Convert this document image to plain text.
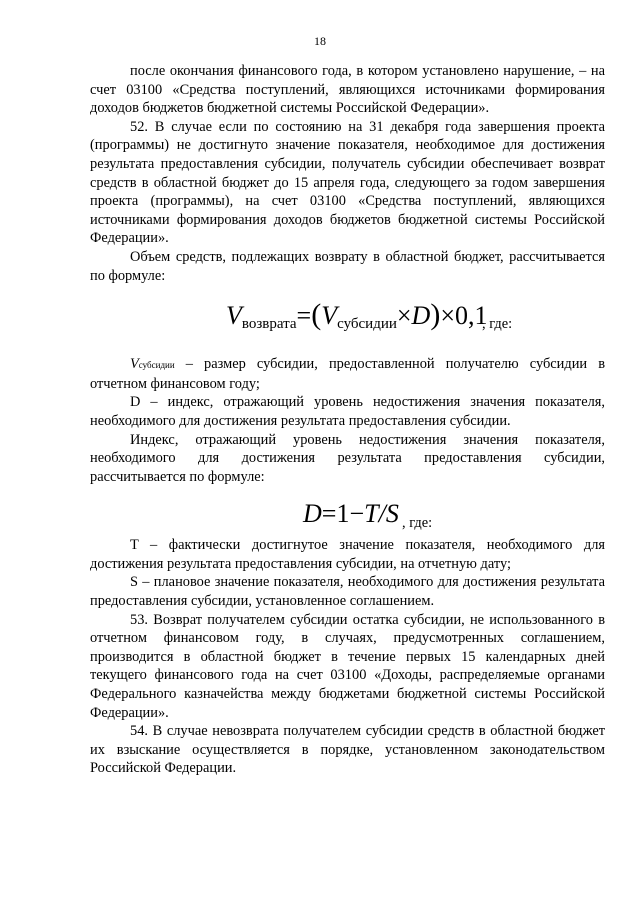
18

после окончания финансового года, в котором установлено нарушение, – на счет 03100 «Средства поступлений, являющихся источниками формирования доходов бюджетов бюджетной системы Российской Федерации».

52. В случае если по состоянию на 31 декабря года завершения проекта (программы) не достигнуто значение показателя, необходимое для достижения результата предоставления субсидии, получатель субсидии обеспечивает возврат средств в областной бюджет до 15 апреля года, следующего за годом завершения проекта (программы), на счет 03100 «Средства поступлений, являющихся источниками формирования доходов бюджетов бюджетной системы Российской Федерации».

Объем средств, подлежащих возврату в областной бюджет, рассчитывается по формуле:

$V_{возврата}=(V_{субсидии}\times D)\times 0,1$
, где:

Vсубсидии – размер субсидии, предоставленной получателю субсидии в отчетном финансовом году;

D – индекс, отражающий уровень недостижения значения показателя, необходимого для достижения результата предоставления субсидии.

Индекс, отражающий уровень недостижения значения показателя, необходимого для достижения результата предоставления субсидии, рассчитывается по формуле:

D=1−T/S , где:

T – фактически достигнутое значение показателя, необходимого для достижения результата предоставления субсидии, на отчетную дату;

S – плановое значение показателя, необходимого для достижения результата предоставления субсидии, установленное соглашением.

53. Возврат получателем субсидии остатка субсидии, не использованного в отчетном финансовом году, в случаях, предусмотренных соглашением, производится в областной бюджет в течение первых 15 календарных дней текущего финансового года на счет 03100 «Доходы, распределяемые органами Федерального казначейства между бюджетами бюджетной системы Российской Федерации».

54. В случае невозврата получателем субсидии средств в областной бюджет их взыскание осуществляется в порядке, установленном законодательством Российской Федерации.
